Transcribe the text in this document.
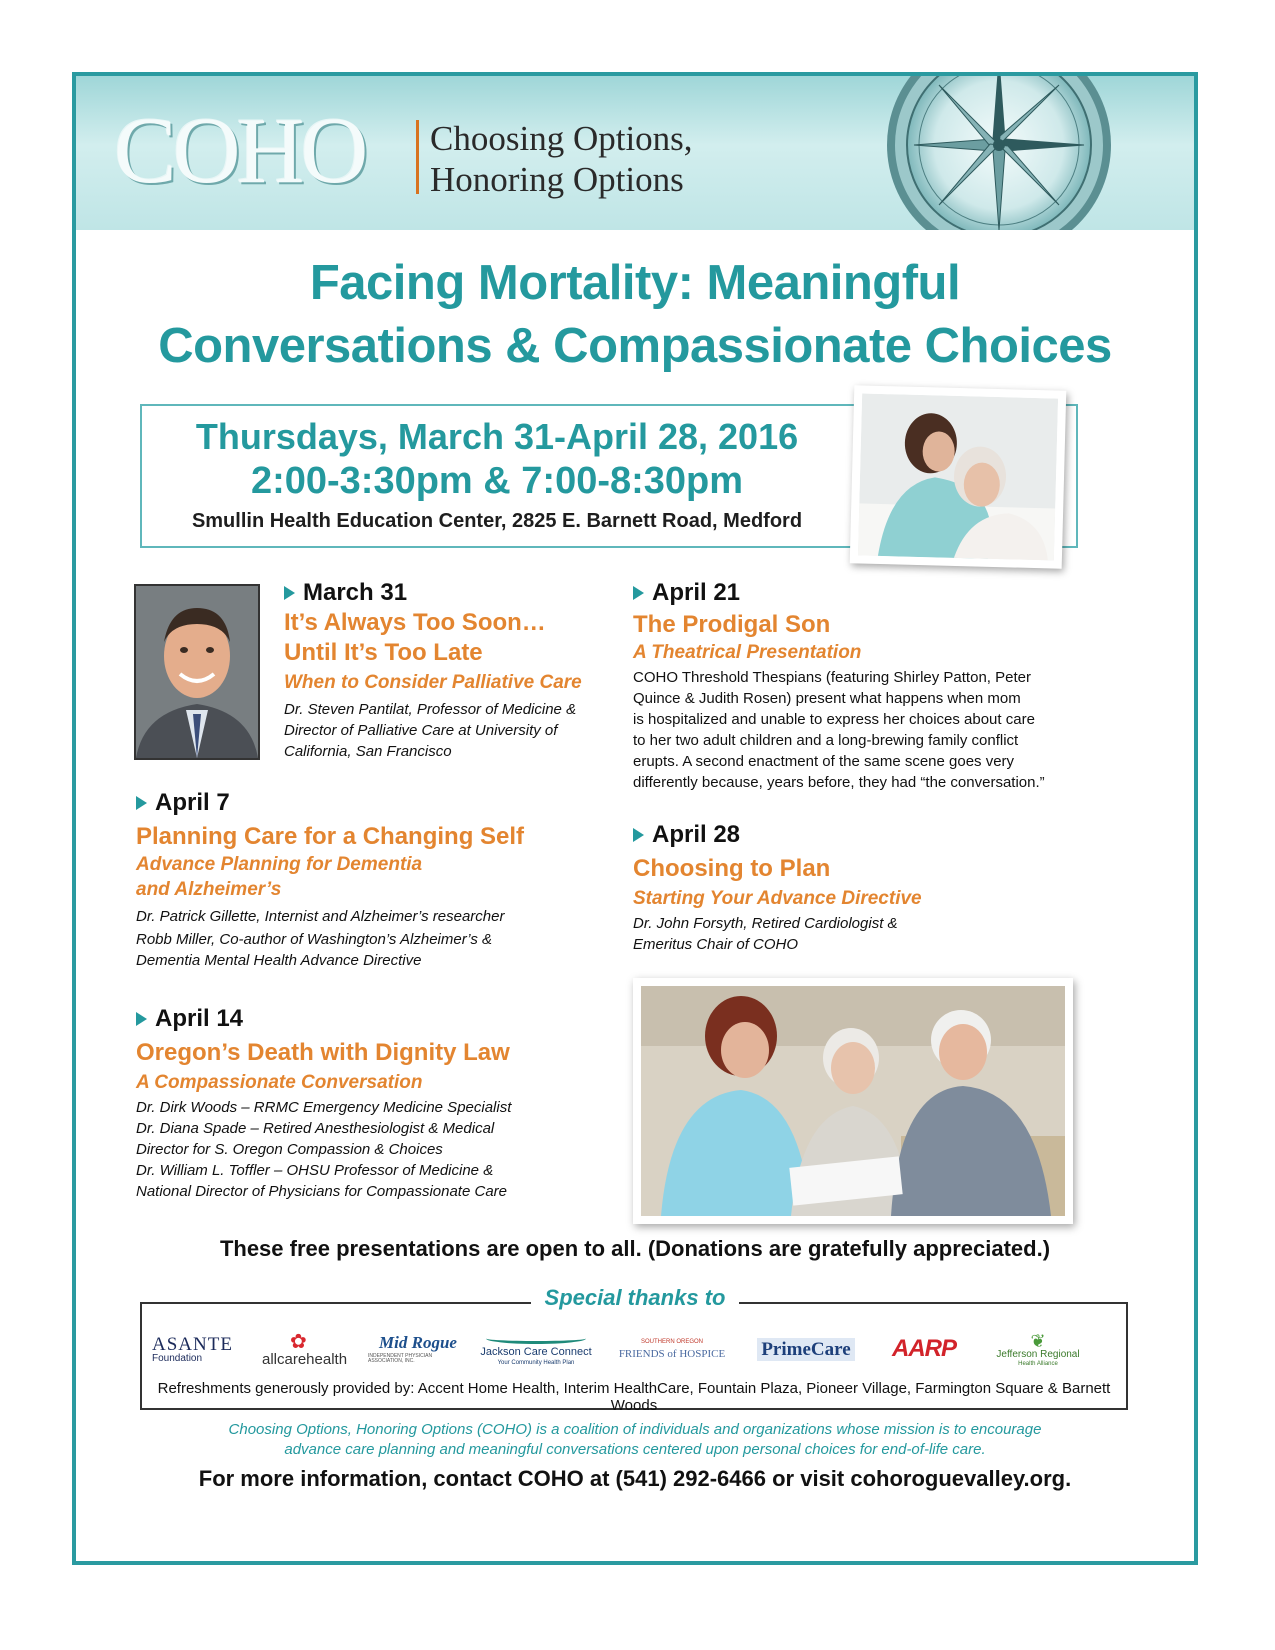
COHO Choosing Options,
Honoring Options
Facing Mortality: Meaningful
Conversations & Compassionate Choices
Thursdays, March 31-April 28, 2016
2:00-3:30pm & 7:00-8:30pm
Smullin Health Education Center, 2825 E. Barnett Road, Medford
March 31
It’s Always Too Soon…
Until It’s Too Late
When to Consider Palliative Care
Dr. Steven Pantilat, Professor of Medicine &
Director of Palliative Care at University of
California, San Francisco
April 7
Planning Care for a Changing Self
Advance Planning for Dementia
and Alzheimer’s
Dr. Patrick Gillette, Internist and Alzheimer’s researcher
Robb Miller, Co-author of Washington’s Alzheimer’s &
Dementia Mental Health Advance Directive
April 14
Oregon’s Death with Dignity Law
A Compassionate Conversation
Dr. Dirk Woods – RRMC Emergency Medicine Specialist
Dr. Diana Spade – Retired Anesthesiologist & Medical
Director for S. Oregon Compassion & Choices
Dr. William L. Toffler – OHSU Professor of Medicine &
National Director of Physicians for Compassionate Care
April 21
The Prodigal Son
A Theatrical Presentation
COHO Threshold Thespians (featuring Shirley Patton, Peter
Quince & Judith Rosen) present what happens when mom
is hospitalized and unable to express her choices about care
to her two adult children and a long-brewing family conflict
erupts. A second enactment of the same scene goes very
differently because, years before, they had “the conversation.”
April 28
Choosing to Plan
Starting Your Advance Directive
Dr. John Forsyth, Retired Cardiologist &
Emeritus Chair of COHO
These free presentations are open to all. (Donations are gratefully appreciated.)
Special thanks to
ASANTE
Foundation
✿
allcarehealth
Mid Rogue
INDEPENDENT PHYSICIAN ASSOCIATION, INC.
Jackson Care Connect
Your Community Health Plan
SOUTHERN OREGON
FRIENDS of HOSPICE PrimeCare AARP	❦
Jefferson Regional
Health Alliance
Refreshments generously provided by: Accent Home Health, Interim HealthCare, Fountain Plaza, Pioneer Village, Farmington Square & Barnett Woods
Choosing Options, Honoring Options (COHO) is a coalition of individuals and organizations whose mission is to encourage
advance care planning and meaningful conversations centered upon personal choices for end-of-life care.
For more information, contact COHO at (541) 292-6466 or visit cohoroguevalley.org.
